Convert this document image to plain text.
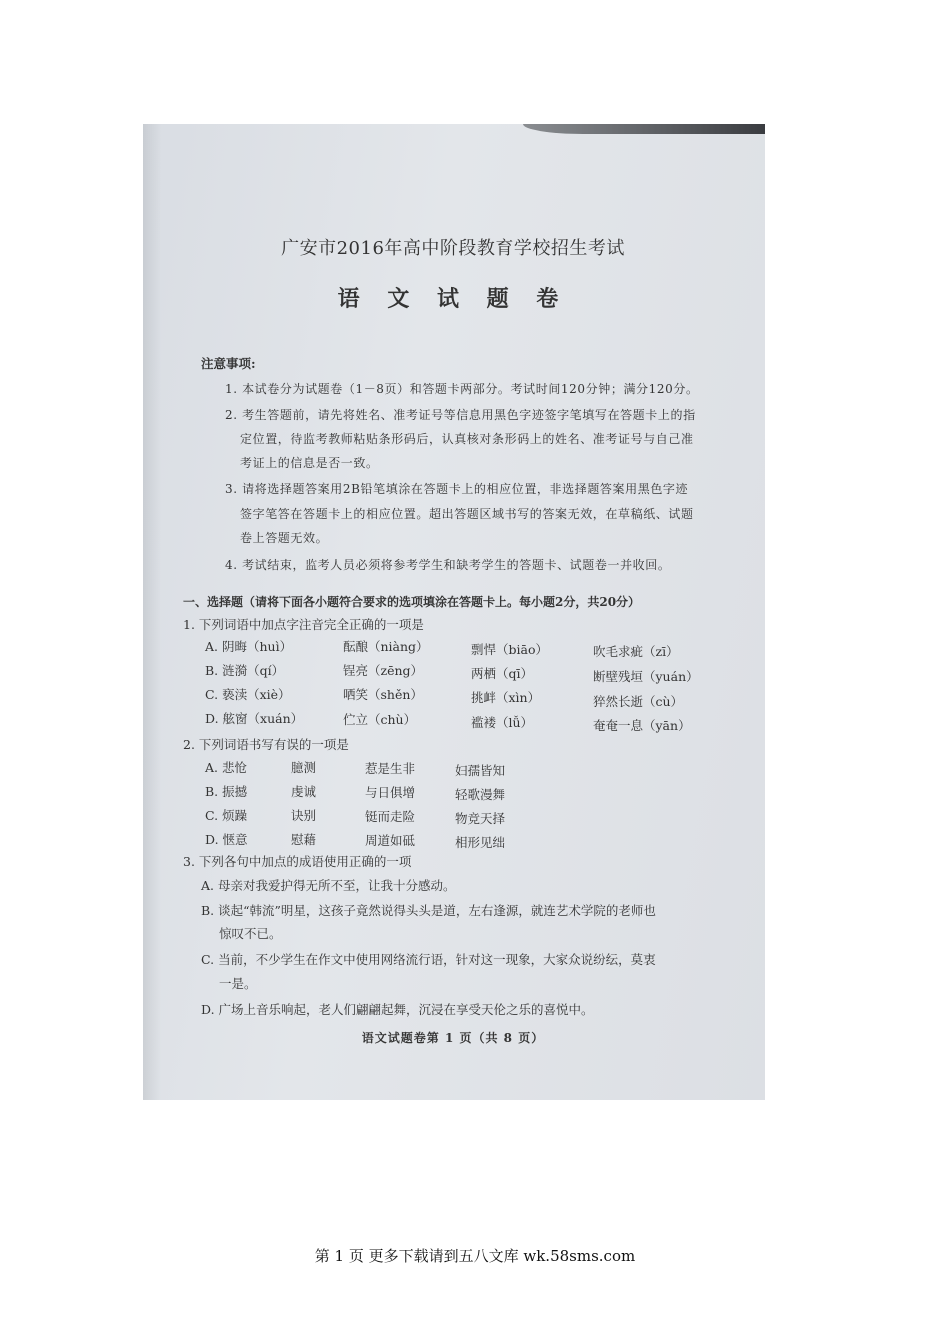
广安市2016年高中阶段教育学校招生考试
语 文 试 题 卷
注意事项:
1. 本试卷分为试题卷（1－8页）和答题卡两部分。考试时间120分钟；满分120分。
2. 考生答题前，请先将姓名、准考证号等信息用黑色字迹签字笔填写在答题卡上的指
定位置，待监考教师粘贴条形码后，认真核对条形码上的姓名、准考证号与自己准
考证上的信息是否一致。
3. 请将选择题答案用2B铅笔填涂在答题卡上的相应位置，非选择题答案用黑色字迹
签字笔答在答题卡上的相应位置。超出答题区域书写的答案无效，在草稿纸、试题
卷上答题无效。
4. 考试结束，监考人员必须将参考学生和缺考学生的答题卡、试题卷一并收回。
一、选择题（请将下面各小题符合要求的选项填涂在答题卡上。每小题2分，共20分）
1. 下列词语中加点字注音完全正确的一项是
A. 阴晦（huì）	酝酿（niàng）	剽悍（biāo）	吹毛求疵（zī）
B. 涟漪（qí）	锃亮（zēng）	两栖（qī）	断壁残垣（yuán）
C. 亵渎（xiè）	哂笑（shěn）	挑衅（xìn）	猝然长逝（cù）
D. 舷窗（xuán）	伫立（chù）	褴褛（lǚ）	奄奄一息（yān）
2. 下列词语书写有误的一项是
A. 悲怆	臆测	惹是生非	妇孺皆知
B. 振撼	虔诚	与日俱增	轻歌漫舞
C. 烦躁	诀别	铤而走险	物竞天择
D. 惬意	慰藉	周道如砥	相形见绌
3. 下列各句中加点的成语使用正确的一项
A. 母亲对我爱护得无所不至，让我十分感动。
B. 谈起“韩流”明星，这孩子竟然说得头头是道，左右逢源，就连艺术学院的老师也
惊叹不已。
C. 当前，不少学生在作文中使用网络流行语，针对这一现象，大家众说纷纭，莫衷
一是。
D. 广场上音乐响起，老人们翩翩起舞，沉浸在享受天伦之乐的喜悦中。
语文试题卷第 1 页（共 8 页）
第 1 页 更多下载请到五八文库 wk.58sms.com
